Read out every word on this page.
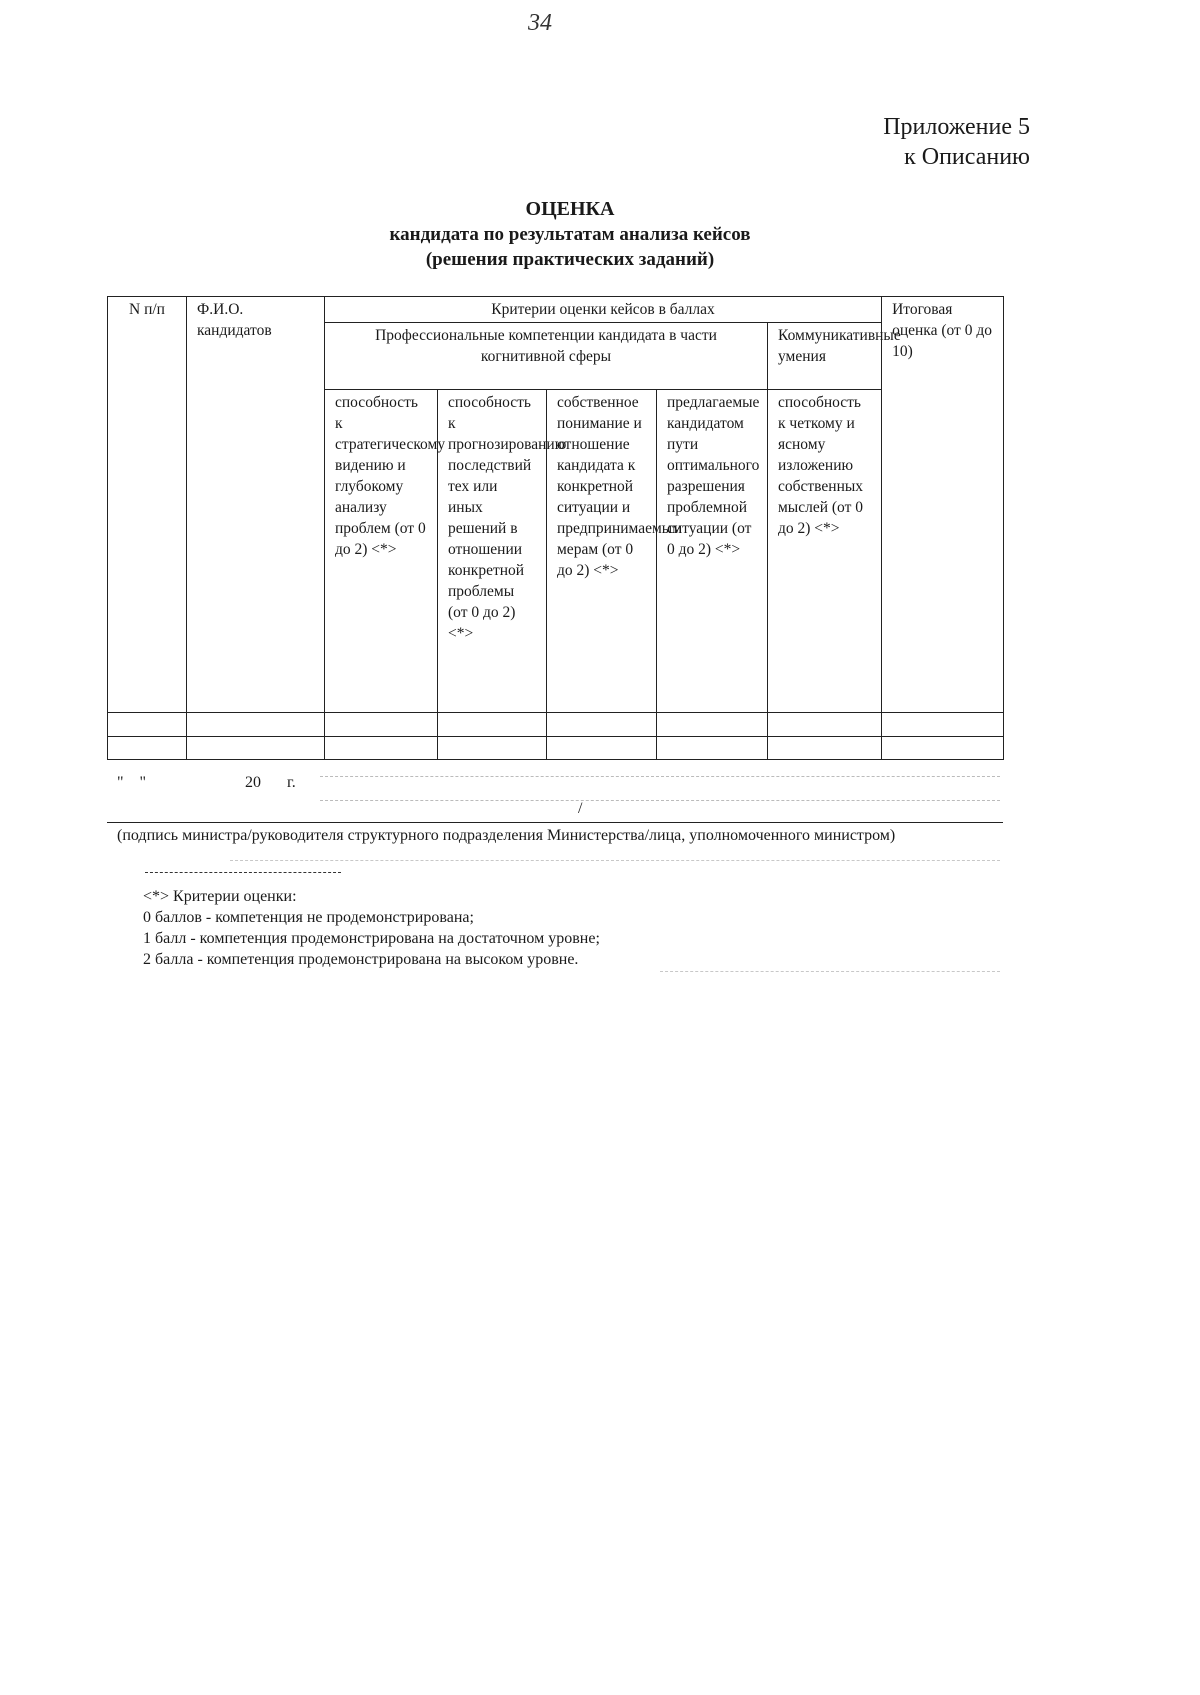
34
Приложение 5
к Описанию
ОЦЕНКА
кандидата по результатам анализа кейсов
(решения практических заданий)
N п/п	Ф.И.О. кандидатов	Критерии оценки кейсов в баллах					Итоговая оценка (от 0 до 10)
		Профессиональные компетенции кандидата в части когнитивной сферы				Коммуникативные умения	
		способность к стратегическому видению и глубокому анализу проблем (от 0 до 2) <*>	способность к прогнозированию последствий тех или иных решений в отношении конкретной проблемы (от 0 до 2) <*>	собственное понимание и отношение кандидата к конкретной ситуации и предпринимаемым мерам (от 0 до 2) <*>	предлагаемые кандидатом пути оптимального разрешения проблемной ситуации (от 0 до 2) <*>	способность к четкому и ясному изложению собственных мыслей (от 0 до 2) <*>	

"    "	20 г.
/
(подпись министра/руководителя структурного подразделения Министерства/лица, уполномоченного министром)
<*> Критерии оценки:
0 баллов - компетенция не продемонстрирована;
1 балл - компетенция продемонстрирована на достаточном уровне;
2 балла - компетенция продемонстрирована на высоком уровне.
